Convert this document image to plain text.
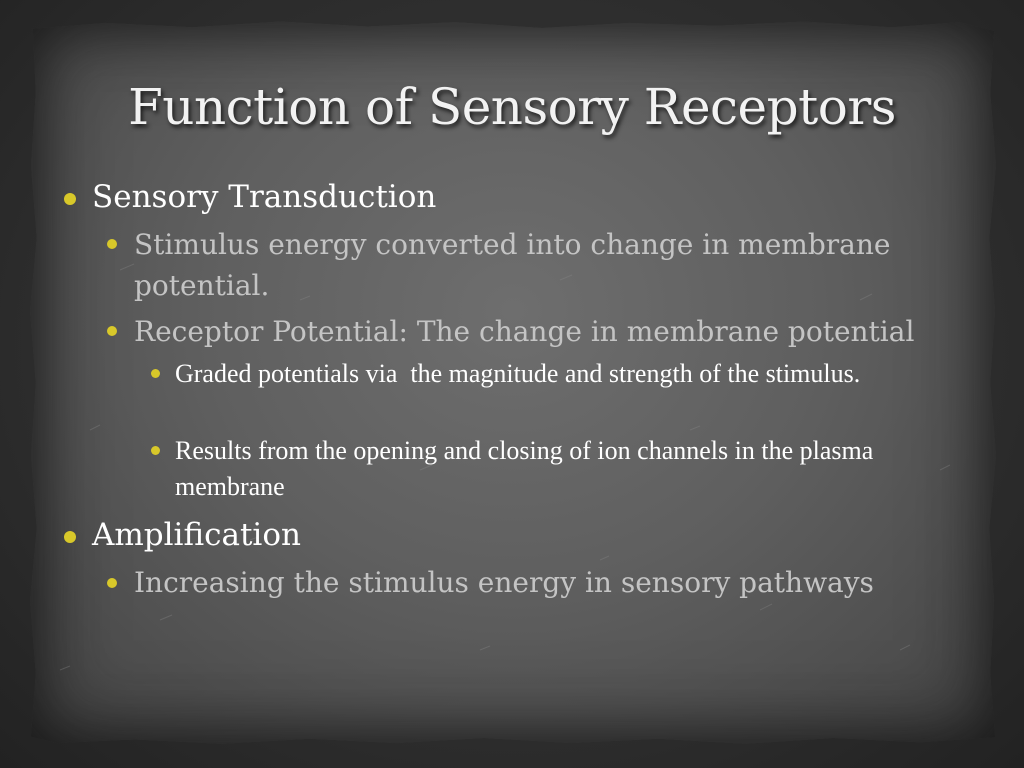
Function of Sensory Receptors

Sensory Transduction

Stimulus energy converted into change in membrane potential.

Receptor Potential: The change in membrane potential

Graded potentials via  the magnitude and strength of the stimulus.

Results from the opening and closing of ion channels in the plasma membrane

Amplification

Increasing the stimulus energy in sensory pathways
